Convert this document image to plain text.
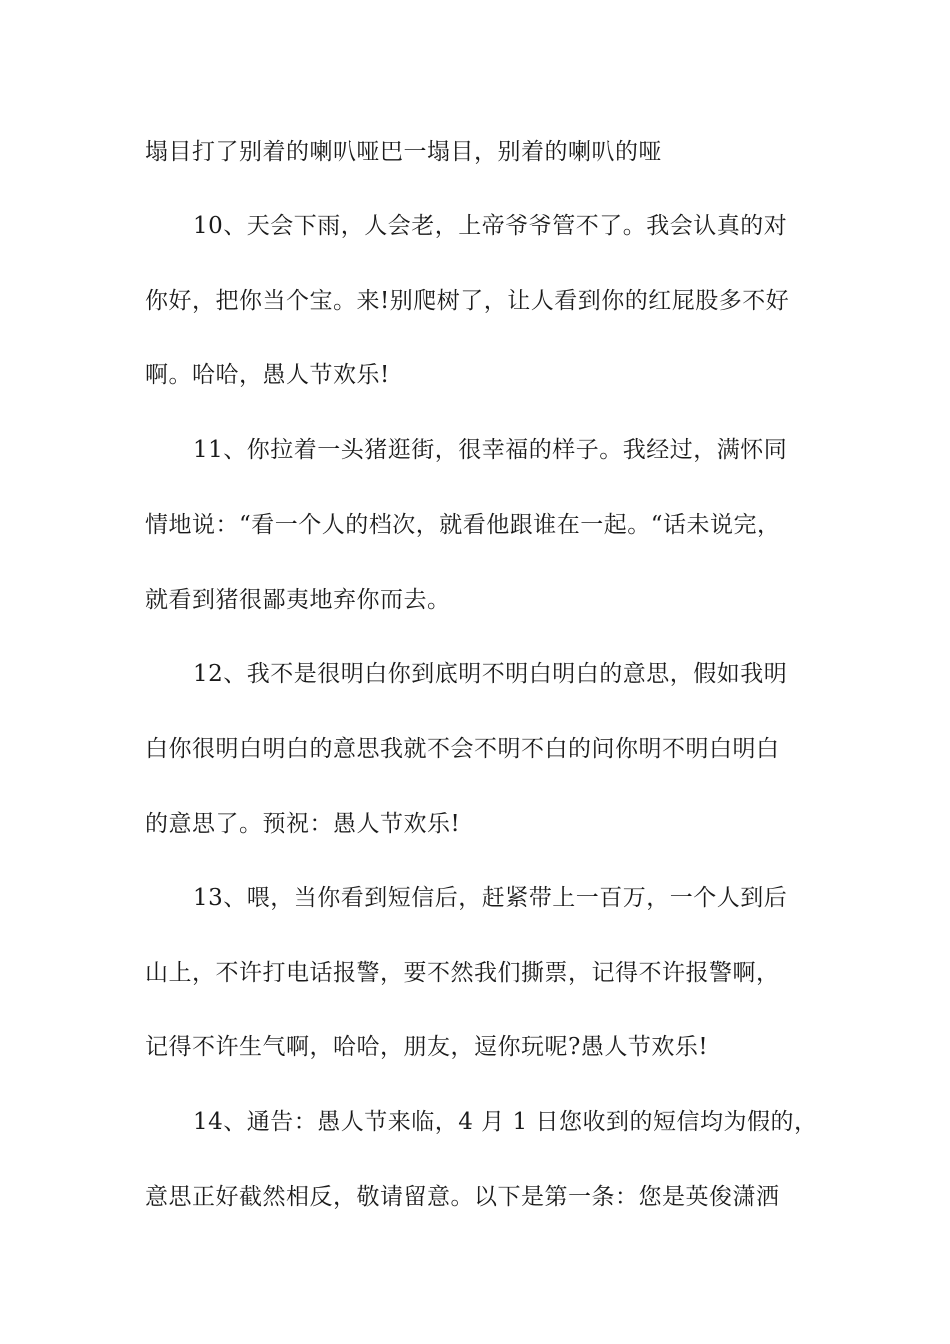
塌目打了别着的喇叭哑巴一塌目，别着的喇叭的哑
10、天会下雨，人会老，上帝爷爷管不了。我会认真的对
你好，把你当个宝。来!别爬树了，让人看到你的红屁股多不好
啊。哈哈，愚人节欢乐!
11、你拉着一头猪逛街，很幸福的样子。我经过，满怀同
情地说：“看一个人的档次，就看他跟谁在一起。“话未说完，
就看到猪很鄙夷地弃你而去。
12、我不是很明白你到底明不明白明白的意思，假如我明
白你很明白明白的意思我就不会不明不白的问你明不明白明白
的意思了。预祝：愚人节欢乐!
13、喂，当你看到短信后，赶紧带上一百万，一个人到后
山上，不许打电话报警，要不然我们撕票，记得不许报警啊，
记得不许生气啊，哈哈，朋友，逗你玩呢?愚人节欢乐!
14、通告：愚人节来临，4 月 1 日您收到的短信均为假的，
意思正好截然相反，敬请留意。以下是第一条：您是英俊潇洒
